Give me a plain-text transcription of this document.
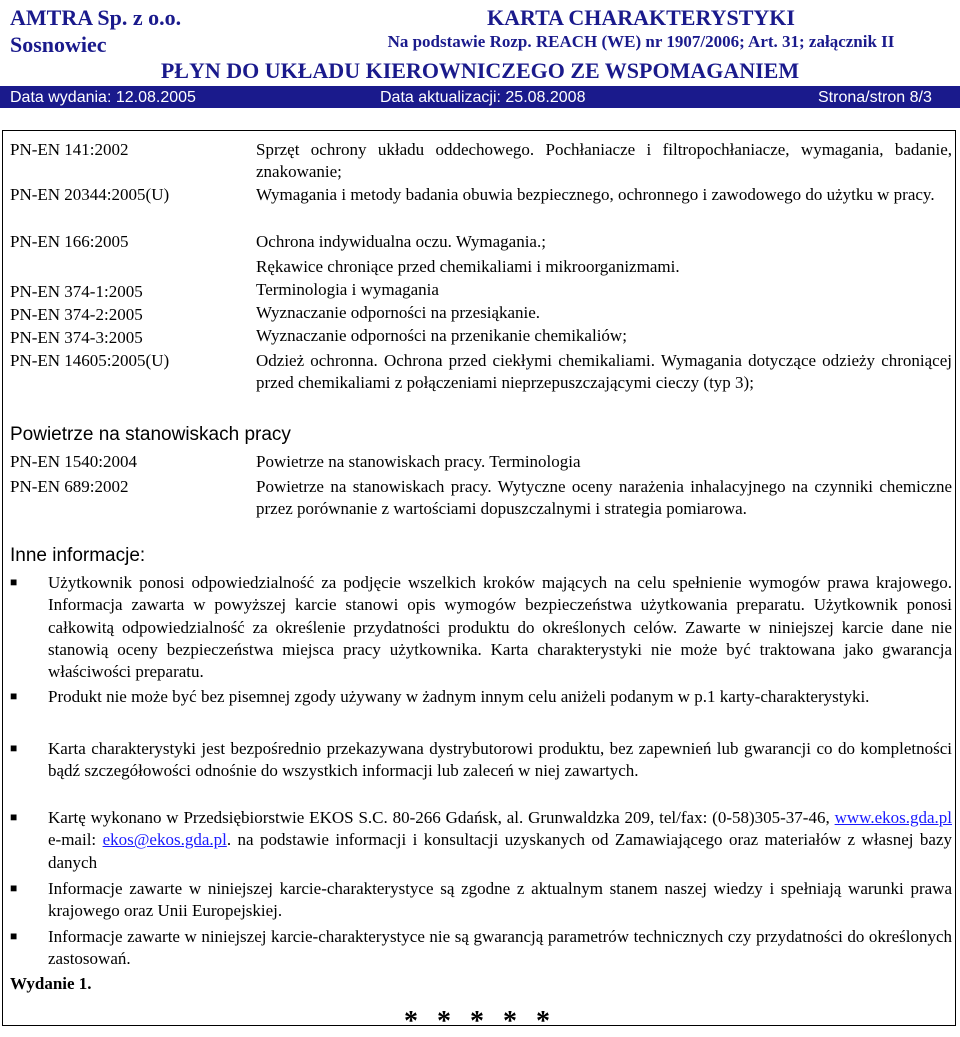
AMTRA Sp. z o.o.
Sosnowiec
KARTA CHARAKTERYSTYKI
Na podstawie Rozp. REACH (WE) nr 1907/2006; Art. 31; załącznik II
PŁYN DO UKŁADU KIEROWNICZEGO ZE WSPOMAGANIEM
Data wydania: 12.08.2005	Data aktualizacji: 25.08.2008	Strona/stron 8/3
PN-EN 141:2002	Sprzęt ochrony układu oddechowego. Pochłaniacze i filtropochłaniacze, wymagania, badanie, znakowanie;
PN-EN 20344:2005(U)	Wymagania i metody badania obuwia bezpiecznego, ochronnego i zawodowego do użytku w pracy.
PN-EN 166:2005	Ochrona indywidualna oczu. Wymagania.;
Rękawice chroniące przed chemikaliami i mikroorganizmami.
PN-EN 374-1:2005	Terminologia i wymagania
PN-EN 374-2:2005	Wyznaczanie odporności na przesiąkanie.
PN-EN 374-3:2005	Wyznaczanie odporności na przenikanie chemikaliów;
PN-EN 14605:2005(U)	Odzież ochronna. Ochrona przed ciekłymi chemikaliami. Wymagania dotyczące odzieży chroniącej przed chemikaliami z połączeniami nieprzepuszczającymi cieczy (typ 3);
Powietrze na stanowiskach pracy
PN-EN 1540:2004	Powietrze na stanowiskach pracy. Terminologia
PN-EN 689:2002	Powietrze na stanowiskach pracy. Wytyczne oceny narażenia inhalacyjnego na czynniki chemiczne przez porównanie z wartościami dopuszczalnymi i strategia pomiarowa.
Inne informacje:
■	Użytkownik ponosi odpowiedzialność za podjęcie wszelkich kroków mających na celu spełnienie wymogów prawa krajowego. Informacja zawarta w powyższej karcie stanowi opis wymogów bezpieczeństwa użytkowania preparatu. Użytkownik ponosi całkowitą odpowiedzialność za określenie przydatności produktu do określonych celów. Zawarte w niniejszej karcie dane nie stanowią oceny bezpieczeństwa miejsca pracy użytkownika. Karta charakterystyki nie może być traktowana jako gwarancja właściwości preparatu.
■	Produkt nie może być bez pisemnej zgody używany w żadnym innym celu aniżeli podanym w p.1 karty-charakterystyki.
■	Karta charakterystyki jest bezpośrednio przekazywana dystrybutorowi produktu, bez zapewnień lub gwarancji co do kompletności bądź szczegółowości odnośnie do wszystkich informacji lub zaleceń w niej zawartych.
■	Kartę wykonano w Przedsiębiorstwie EKOS S.C. 80-266 Gdańsk, al. Grunwaldzka 209, tel/fax: (0-58)305-37-46, www.ekos.gda.pl e-mail: ekos@ekos.gda.pl. na podstawie informacji i konsultacji uzyskanych od Zamawiającego oraz materiałów z własnej bazy danych
■	Informacje zawarte w niniejszej karcie-charakterystyce są zgodne z aktualnym stanem naszej wiedzy i spełniają warunki prawa krajowego oraz Unii Europejskiej.
■	Informacje zawarte w niniejszej karcie-charakterystyce nie są gwarancją parametrów technicznych czy przydatności do określonych zastosowań.
Wydanie 1.
* * * * *
